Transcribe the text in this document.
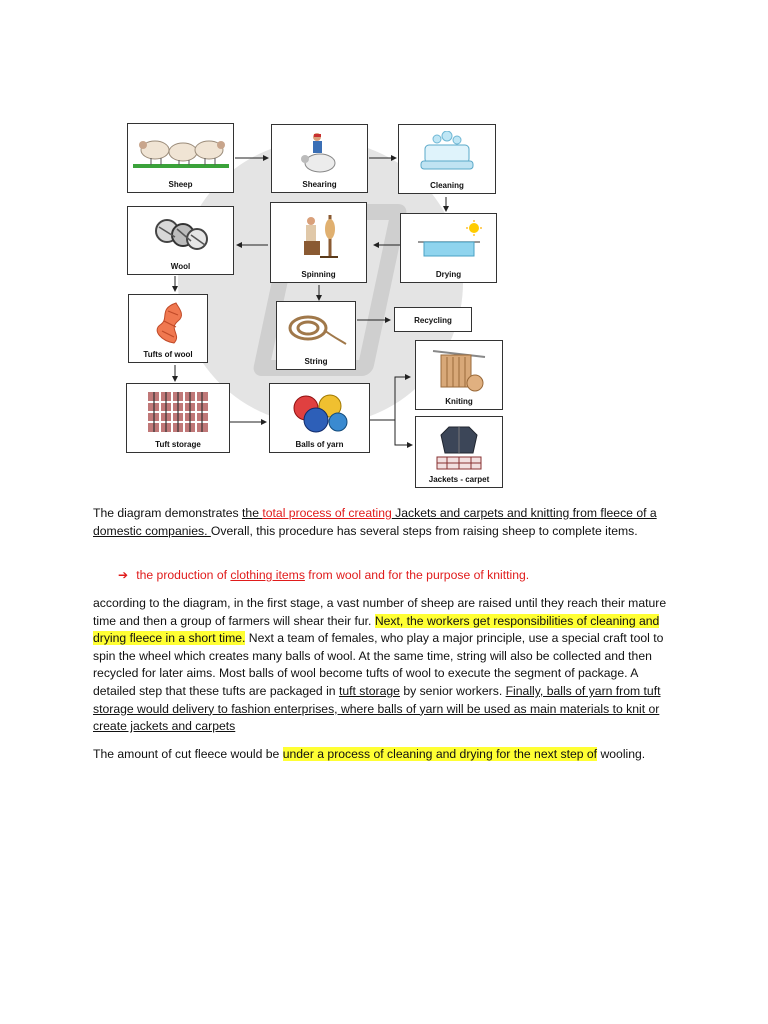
Sheep	Shearing	Cleaning
Wool
Spinning	Drying
Tufts of wool
String
Recycling
Kniting
Tuft storage	Balls of yarn
Jackets - carpet
The diagram demonstrates the total process of creating Jackets and carpets and knitting from fleece of a domestic companies. Overall, this procedure has several steps from raising sheep to complete items.
➔ the production of clothing items from wool and for the purpose of knitting.
according to the diagram, in the first stage, a vast number of sheep are raised until they reach their mature time and then a group of farmers will shear their fur. Next, the workers get responsibilities of cleaning and drying fleece in a short time. Next a team of females, who play a major principle, use a special craft tool to spin the wheel which creates many balls of wool. At the same time, string will also be collected and then recycled for later aims. Most balls of wool become tufts of wool to execute the segment of package. A detailed step that these tufts are packaged in tuft storage by senior workers. Finally, balls of yarn from tuft storage would delivery to fashion enterprises, where balls of yarn will be used as main materials to knit or create jackets and carpets
The amount of cut fleece would be under a process of cleaning and drying for the next step of wooling.
